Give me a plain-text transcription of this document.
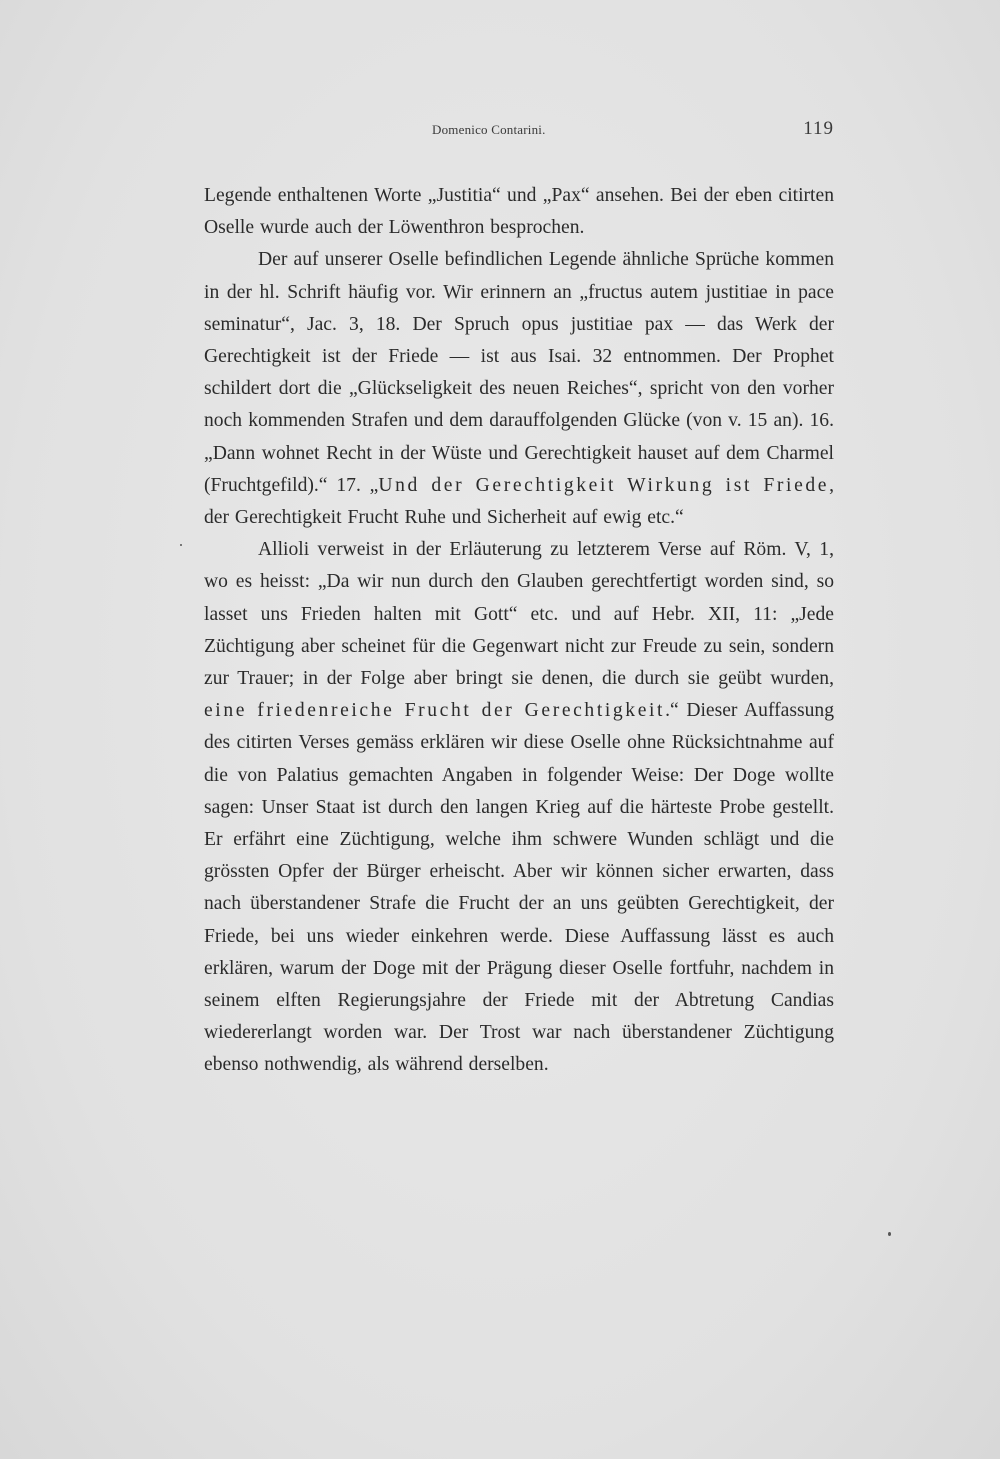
Domenico Contarini.	119

Legende enthaltenen Worte „Justitia“ und „Pax“ ansehen. Bei der eben citirten Oselle wurde auch der Löwenthron besprochen.

Der auf unserer Oselle befindlichen Legende ähnliche Sprüche kommen in der hl. Schrift häufig vor. Wir erinnern an „fructus autem justitiae in pace seminatur“, Jac. 3, 18. Der Spruch opus justitiae pax — das Werk der Gerechtigkeit ist der Friede — ist aus Isai. 32 entnommen. Der Prophet schildert dort die „Glückseligkeit des neuen Reiches“, spricht von den vorher noch kommenden Strafen und dem darauffolgenden Glücke (von v. 15 an). 16. „Dann wohnet Recht in der Wüste und Gerechtigkeit hauset auf dem Charmel (Fruchtgefild).“ 17. „Und der Gerechtigkeit Wirkung ist Friede, der Gerechtigkeit Frucht Ruhe und Sicherheit auf ewig etc.“

Allioli verweist in der Erläuterung zu letzterem Verse auf Röm. V, 1, wo es heisst: „Da wir nun durch den Glauben gerechtfertigt worden sind, so lasset uns Frieden halten mit Gott“ etc. und auf Hebr. XII, 11: „Jede Züchtigung aber scheinet für die Gegenwart nicht zur Freude zu sein, sondern zur Trauer; in der Folge aber bringt sie denen, die durch sie geübt wurden, eine friedenreiche Frucht der Gerechtigkeit.“ Dieser Auffassung des citirten Verses gemäss erklären wir diese Oselle ohne Rücksichtnahme auf die von Palatius gemachten Angaben in folgender Weise: Der Doge wollte sagen: Unser Staat ist durch den langen Krieg auf die härteste Probe gestellt. Er erfährt eine Züchtigung, welche ihm schwere Wunden schlägt und die grössten Opfer der Bürger erheischt. Aber wir können sicher erwarten, dass nach überstandener Strafe die Frucht der an uns geübten Gerechtigkeit, der Friede, bei uns wieder einkehren werde. Diese Auffassung lässt es auch erklären, warum der Doge mit der Prägung dieser Oselle fortfuhr, nachdem in seinem elften Regierungsjahre der Friede mit der Abtretung Candias wiedererlangt worden war. Der Trost war nach überstandener Züchtigung ebenso nothwendig, als während derselben.
